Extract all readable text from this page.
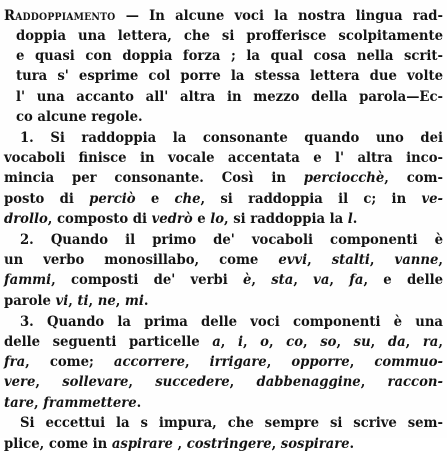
Raddoppiamento — In alcune voci la nostra lingua rad-
doppia una lettera, che si profferisce scolpitamente
e quasi con doppia forza ; la qual cosa nella scrit-
tura s' esprime col porre la stessa lettera due volte
l' una accanto all' altra in mezzo della parola—Ec-
co alcune regole.
1. Si raddoppia la consonante quando uno dei
vocaboli finisce in vocale accentata e l' altra inco-
mincia per consonante. Così in perciocchè, com-
posto di perciò e che, si raddoppia il c; in ve-
drollo, composto di vedrò e lo, si raddoppia la l.
2. Quando il primo de' vocaboli componenti è
un verbo monosillabo, come evvi, stalti, vanne,
fammi, composti de' verbi è, sta, va, fa, e delle
parole vi, ti, ne, mi.
3. Quando la prima delle voci componenti è una
delle seguenti particelle a, i, o, co, so, su, da, ra,
fra, come; accorrere, irrigare, opporre, commuo-
vere, sollevare, succedere, dabbenaggine, raccon-
tare, frammettere.
Si eccettui la s impura, che sempre si scrive sem-
plice, come in aspirare , costringere, sospirare.
